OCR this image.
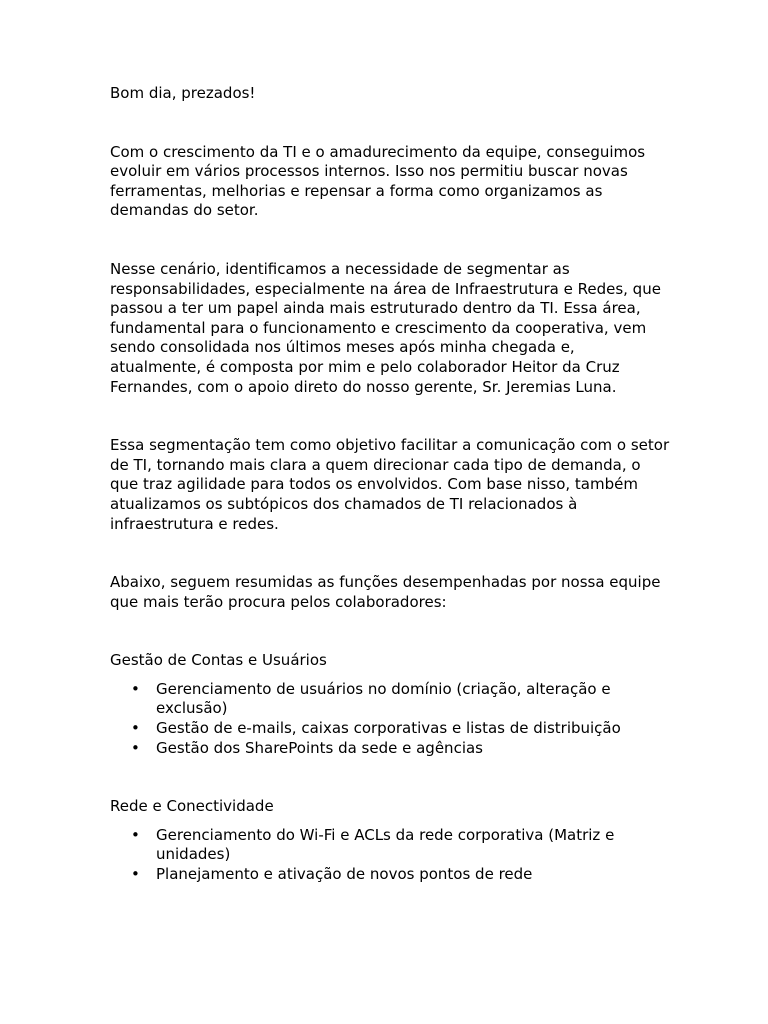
Bom dia, prezados!

Com o crescimento da TI e o amadurecimento da equipe, conseguimos evoluir em vários processos internos. Isso nos permitiu buscar novas ferramentas, melhorias e repensar a forma como organizamos as demandas do setor.

Nesse cenário, identificamos a necessidade de segmentar as responsabilidades, especialmente na área de Infraestrutura e Redes, que passou a ter um papel ainda mais estruturado dentro da TI. Essa área, fundamental para o funcionamento e crescimento da cooperativa, vem sendo consolidada nos últimos meses após minha chegada e, atualmente, é composta por mim e pelo colaborador Heitor da Cruz Fernandes, com o apoio direto do nosso gerente, Sr. Jeremias Luna.

Essa segmentação tem como objetivo facilitar a comunicação com o setor de TI, tornando mais clara a quem direcionar cada tipo de demanda, o que traz agilidade para todos os envolvidos. Com base nisso, também atualizamos os subtópicos dos chamados de TI relacionados à infraestrutura e redes.

Abaixo, seguem resumidas as funções desempenhadas por nossa equipe que mais terão procura pelos colaboradores:

Gestão de Contas e Usuários

• Gerenciamento de usuários no domínio (criação, alteração e exclusão)
• Gestão de e-mails, caixas corporativas e listas de distribuição
• Gestão dos SharePoints da sede e agências

Rede e Conectividade

• Gerenciamento do Wi-Fi e ACLs da rede corporativa (Matriz e unidades)
• Planejamento e ativação de novos pontos de rede
